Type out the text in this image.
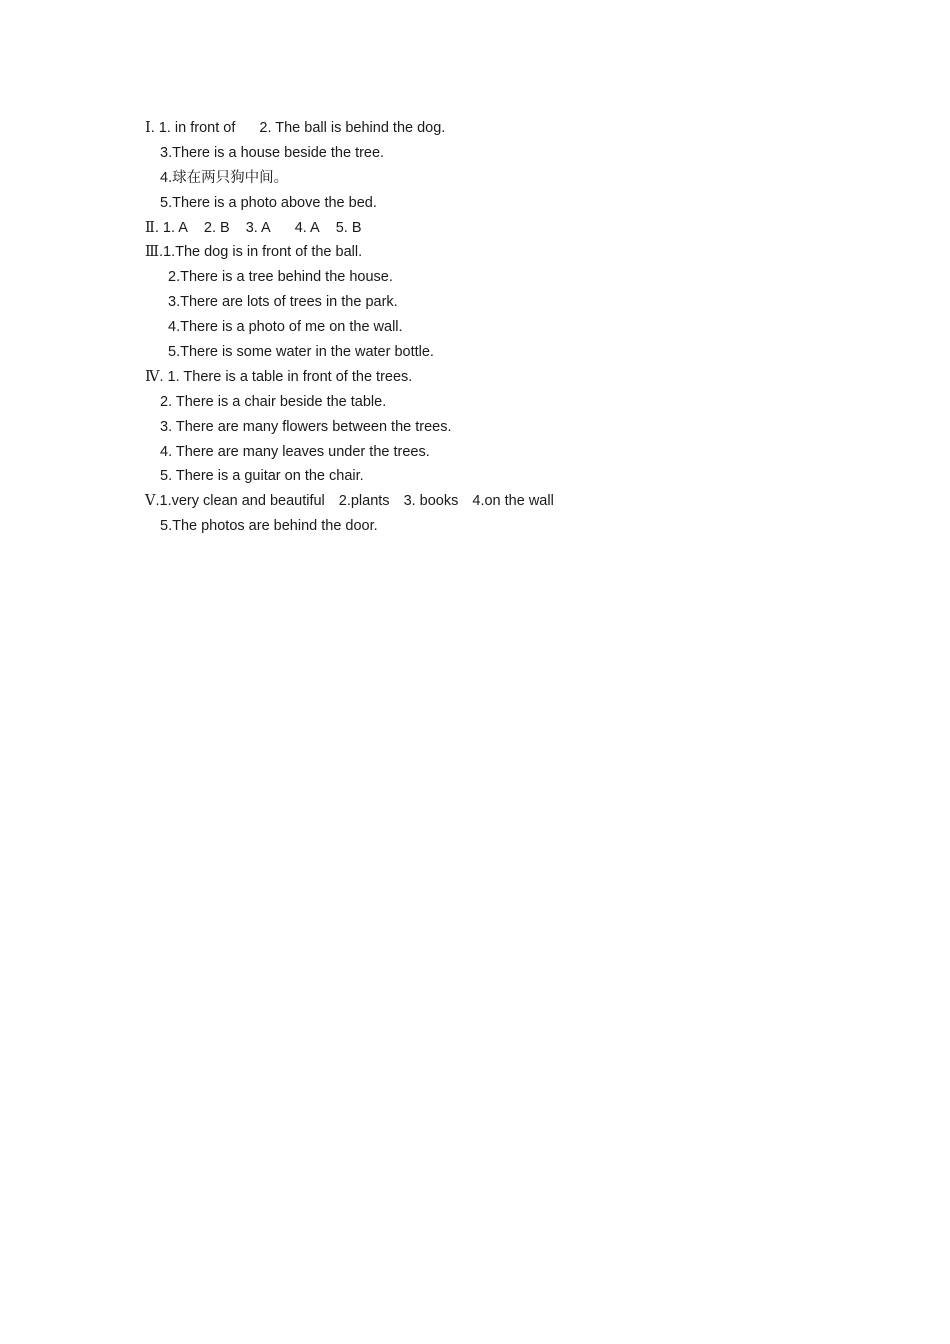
Ⅰ. 1. in front of 2. The ball is behind the dog.
3.There is a house beside the tree.
4.球在两只狗中间。
5.There is a photo above the bed.
Ⅱ. 1. A 2. B 3. A 4. A 5. B
Ⅲ.1.The dog is in front of the ball.
2.There is a tree behind the house.
3.There are lots of trees in the park.
4.There is a photo of me on the wall.
5.There is some water in the water bottle.
Ⅳ. 1. There is a table in front of the trees.
2. There is a chair beside the table.
3. There are many flowers between the trees.
4. There are many leaves under the trees.
5. There is a guitar on the chair.
Ⅴ.1.very clean and beautiful 2.plants 3. books 4.on the wall
5.The photos are behind the door.
